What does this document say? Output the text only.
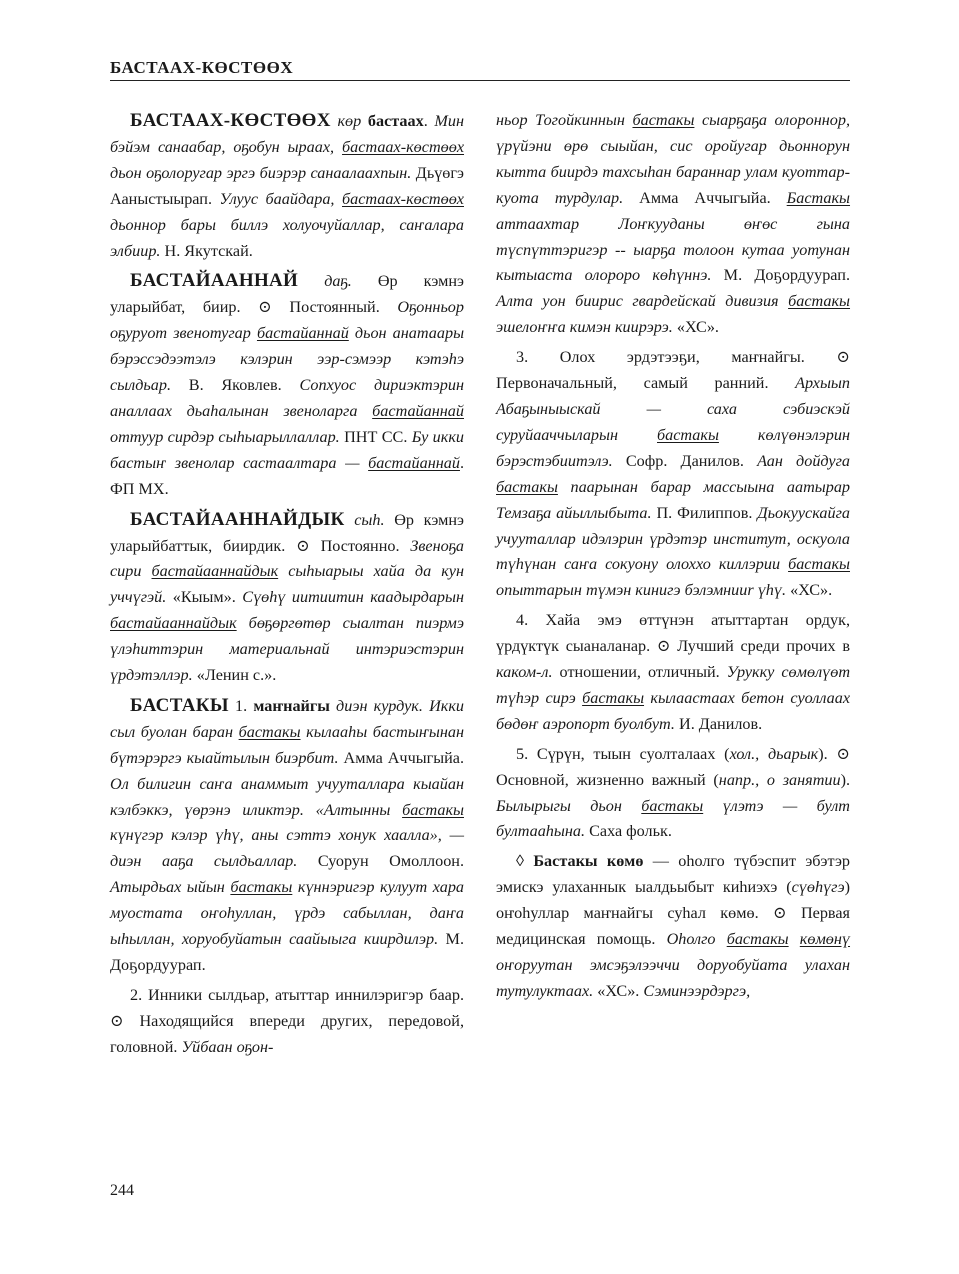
БАСТААХ-КӨСТӨӨХ

БАСТААХ-КӨСТӨӨХ көр бастаах. Мин бэйэм санаабар, оҕобун ыраах, бастаах-көстөөх дьон оҕолоругар эргэ биэрэр санаалаахпын. Дьүөгэ Ааныстыырап. Улуус баайдара, бастаах-көстөөх дьоннор бары биллэ холуочуйаллар, саҥалара элбиир. Н. Якутскай.

БАСТАЙААННАЙ даҕ. Өр кэмнэ уларыйбат, биир. ⊙ Постоянный. Оҕонньор оҕуруот звенотугар бастайаннай дьон анатаары бэрэссэдээтэлэ кэлэрин ээр-сэмээр кэтэһэ сылдьар. В. Яковлев. Сопхуос дириэктэрин аналлаах дьаһалынан звеноларга бастайаннай оттуур сирдэр сыһыарыллаллар. ПНТ СС. Бу икки бастыҥ звенолар састаалтара — бастайаннай. ФП МХ.

БАСТАЙААННАЙДЫК сыһ. Өр кэмнэ уларыйбаттык, биирдик. ⊙ Постоянно. Звеноҕа сири бастайааннайдык сыһыарыы хайа да кун уччүгэй. «Кыым». Сүөһү иитиитин каадырдарын бастайааннайдык бөҕөргөтөр сыалтан пиэрмэ үлэһиттэрин материальнай интэриэстэрин үрдэтэллэр. «Ленин с.».

БАСТАКЫ 1. маҥнайгы диэн курдук. Икки сыл буолан баран бастакы кылааһы бастыҥынан бүтэрэргэ кыайтылын биэрбит. Амма Аччыгыйа. Ол билигин саҥа анаммыт учууталлара кыайан кэлбэккэ, үөрэнэ иликтэр. «Алтынны бастакы күнүгэр кэлэр үһү, аны сэттэ хонук хаалла», — диэн ааҕа сылдьаллар. Суорун Омоллоон. Атырдьах ыйын бастакы күннэригэр кулуут хара муостата оҥоһуллан, үрдэ сабыллан, даҥа ыһыллан, хоруобуйатын саайыыга киирдилэр. М. Доҕордуурап.

2. Инники сылдьар, атыттар иннилэригэр баар. ⊙ Находящийся впереди других, передовой, головной. Уйбаан оҕон-

ньор Тогойкиннын бастакы сыарҕаҕа олороннор, үрүйэни өрө сыыйан, сис оройугар дьоннорун кытта биирдэ тахсыһан бараннар улам куоттар-куота турдулар. Амма Аччыгыйа. Бастакы аттаахтар Лоҥкууданы өҥөс гына түспүттэригэр -- ыарҕа толоон кутаа уотунан кытыаста олороро көһүннэ. М. Доҕордуурап. Алта уон биирис гвардейскай дивизия бастакы эшелоҥҥа кимэн киирэрэ. «ХС».

3. Олох эрдэтээҕи, маҥнайгы. ⊙ Первоначальный, самый ранний. Архыып Абаҕыныыскай — саха сэбиэскэй суруйааччыларын бастакы көлүөнэлэрин бэрэстэбиитэлэ. Софр. Данилов. Аан дойдуга бастакы паарынан барар массыына аатырар Темзаҕа айыллыбыта. П. Филиппов. Дьокуускайга учууталлар идэлэрин үрдэтэр институт, оскуола түһүнан саҥа сокуону олоххо киллэрии бастакы опыттарын түмэн кинигэ бэлэмнииr үһү. «ХС».

4. Хайа эмэ өттүнэн атыттартан ордук, үрдүктүк сыаналанар. ⊙ Лучший среди прочих в каком-л. отношении, отличный. Урукку сөмөлүөт түһэр сирэ бастакы кылаастаах бетон суоллаах бөдөҥ аэропорт буолбут. И. Данилов.

5. Сүрүн, тыын суолталаах (хол., дьарык). ⊙ Основной, жизненно важный (напр., о занятии). Былырыгы дьон бастакы үлэтэ — булт бултааһына. Саха фольк.

◊ Бастакы көмө — оһолго түбэспит эбэтэр эмискэ улаханнык ыалдьыбыт киһиэхэ (сүөһүгэ) оҥоһуллар маҥнайгы суһал көмө. ⊙ Первая медицинская помощь. Оһолго бастакы көмөнү оҥоруутан эмсэҕэлээччи доруобуйата улахан тутулуктаах. «ХС». Сэминээрдэргэ,

244
